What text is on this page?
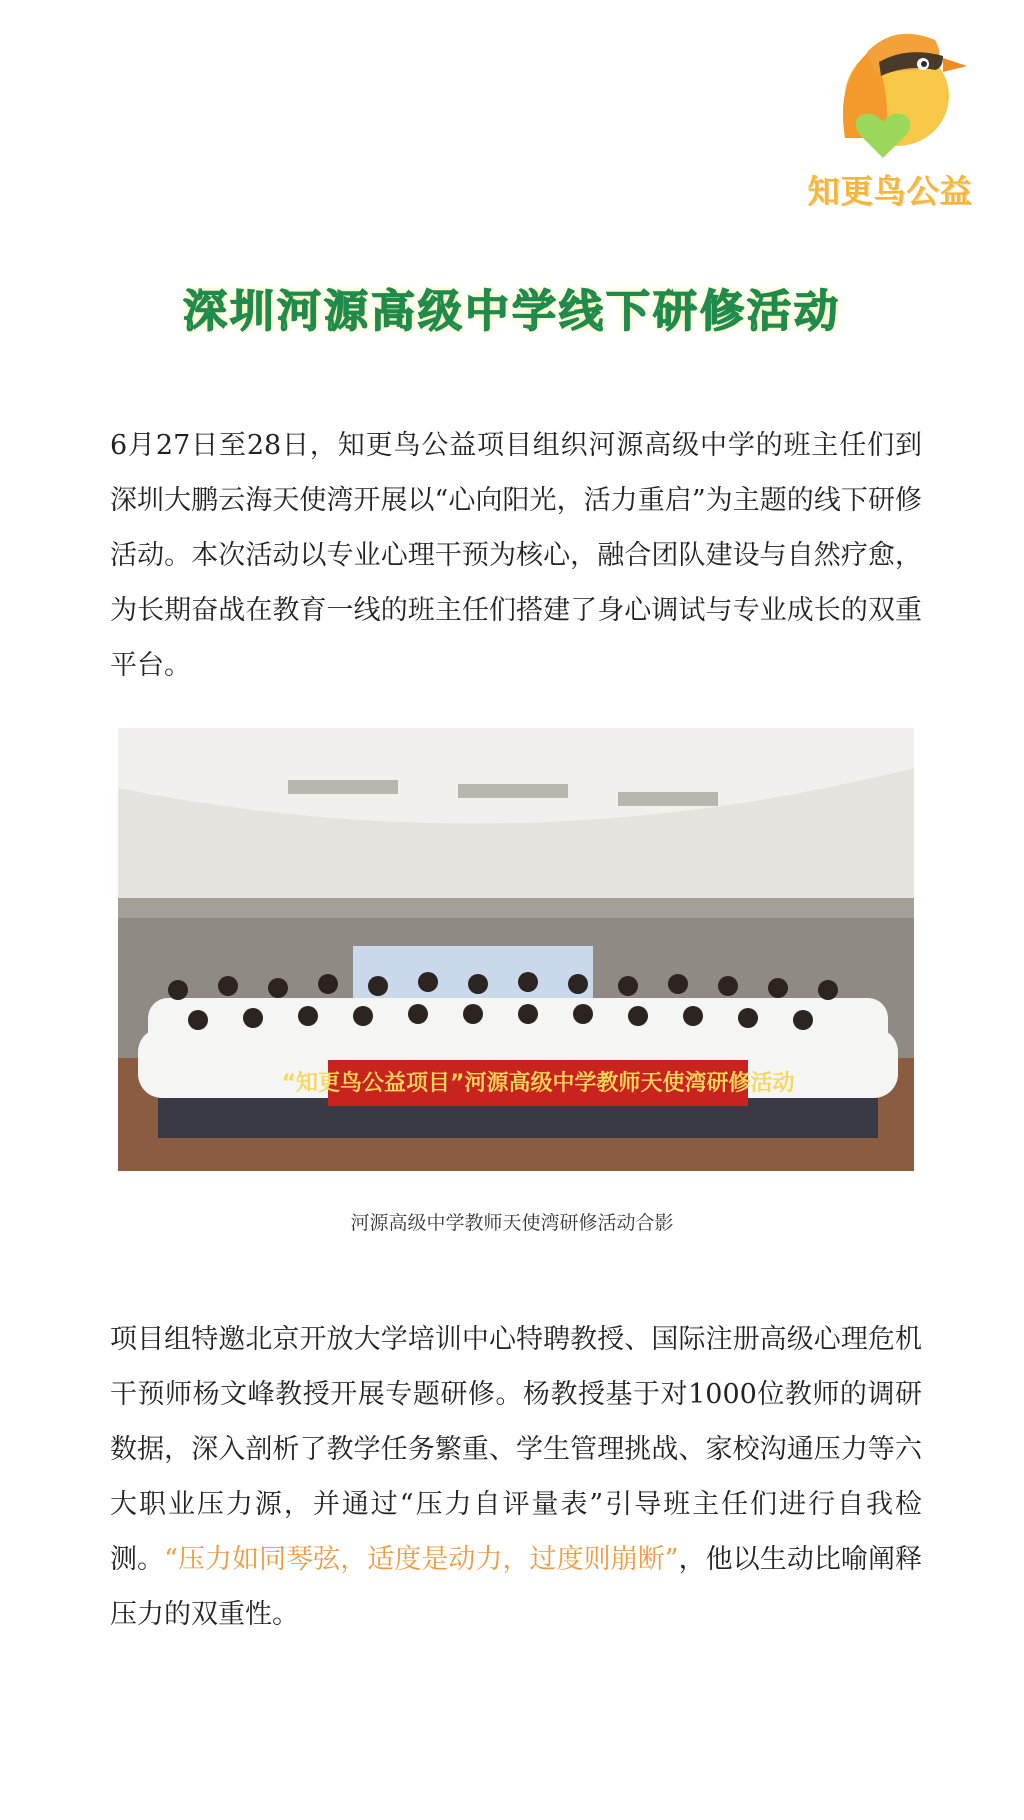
知更鸟公益
深圳河源高级中学线下研修活动

6月27日至28日，知更鸟公益项目组织河源高级中学的班主任们到深圳大鹏云海天使湾开展以“心向阳光，活力重启”为主题的线下研修活动。本次活动以专业心理干预为核心，融合团队建设与自然疗愈，为长期奋战在教育一线的班主任们搭建了身心调试与专业成长的双重平台。

“知更鸟公益项目”河源高级中学教师天使湾研修活动
河源高级中学教师天使湾研修活动合影

项目组特邀北京开放大学培训中心特聘教授、国际注册高级心理危机干预师杨文峰教授开展专题研修。杨教授基于对1000位教师的调研数据，深入剖析了教学任务繁重、学生管理挑战、家校沟通压力等六大职业压力源，并通过“压力自评量表”引导班主任们进行自我检测。“压力如同琴弦，适度是动力，过度则崩断”，他以生动比喻阐释压力的双重性。
